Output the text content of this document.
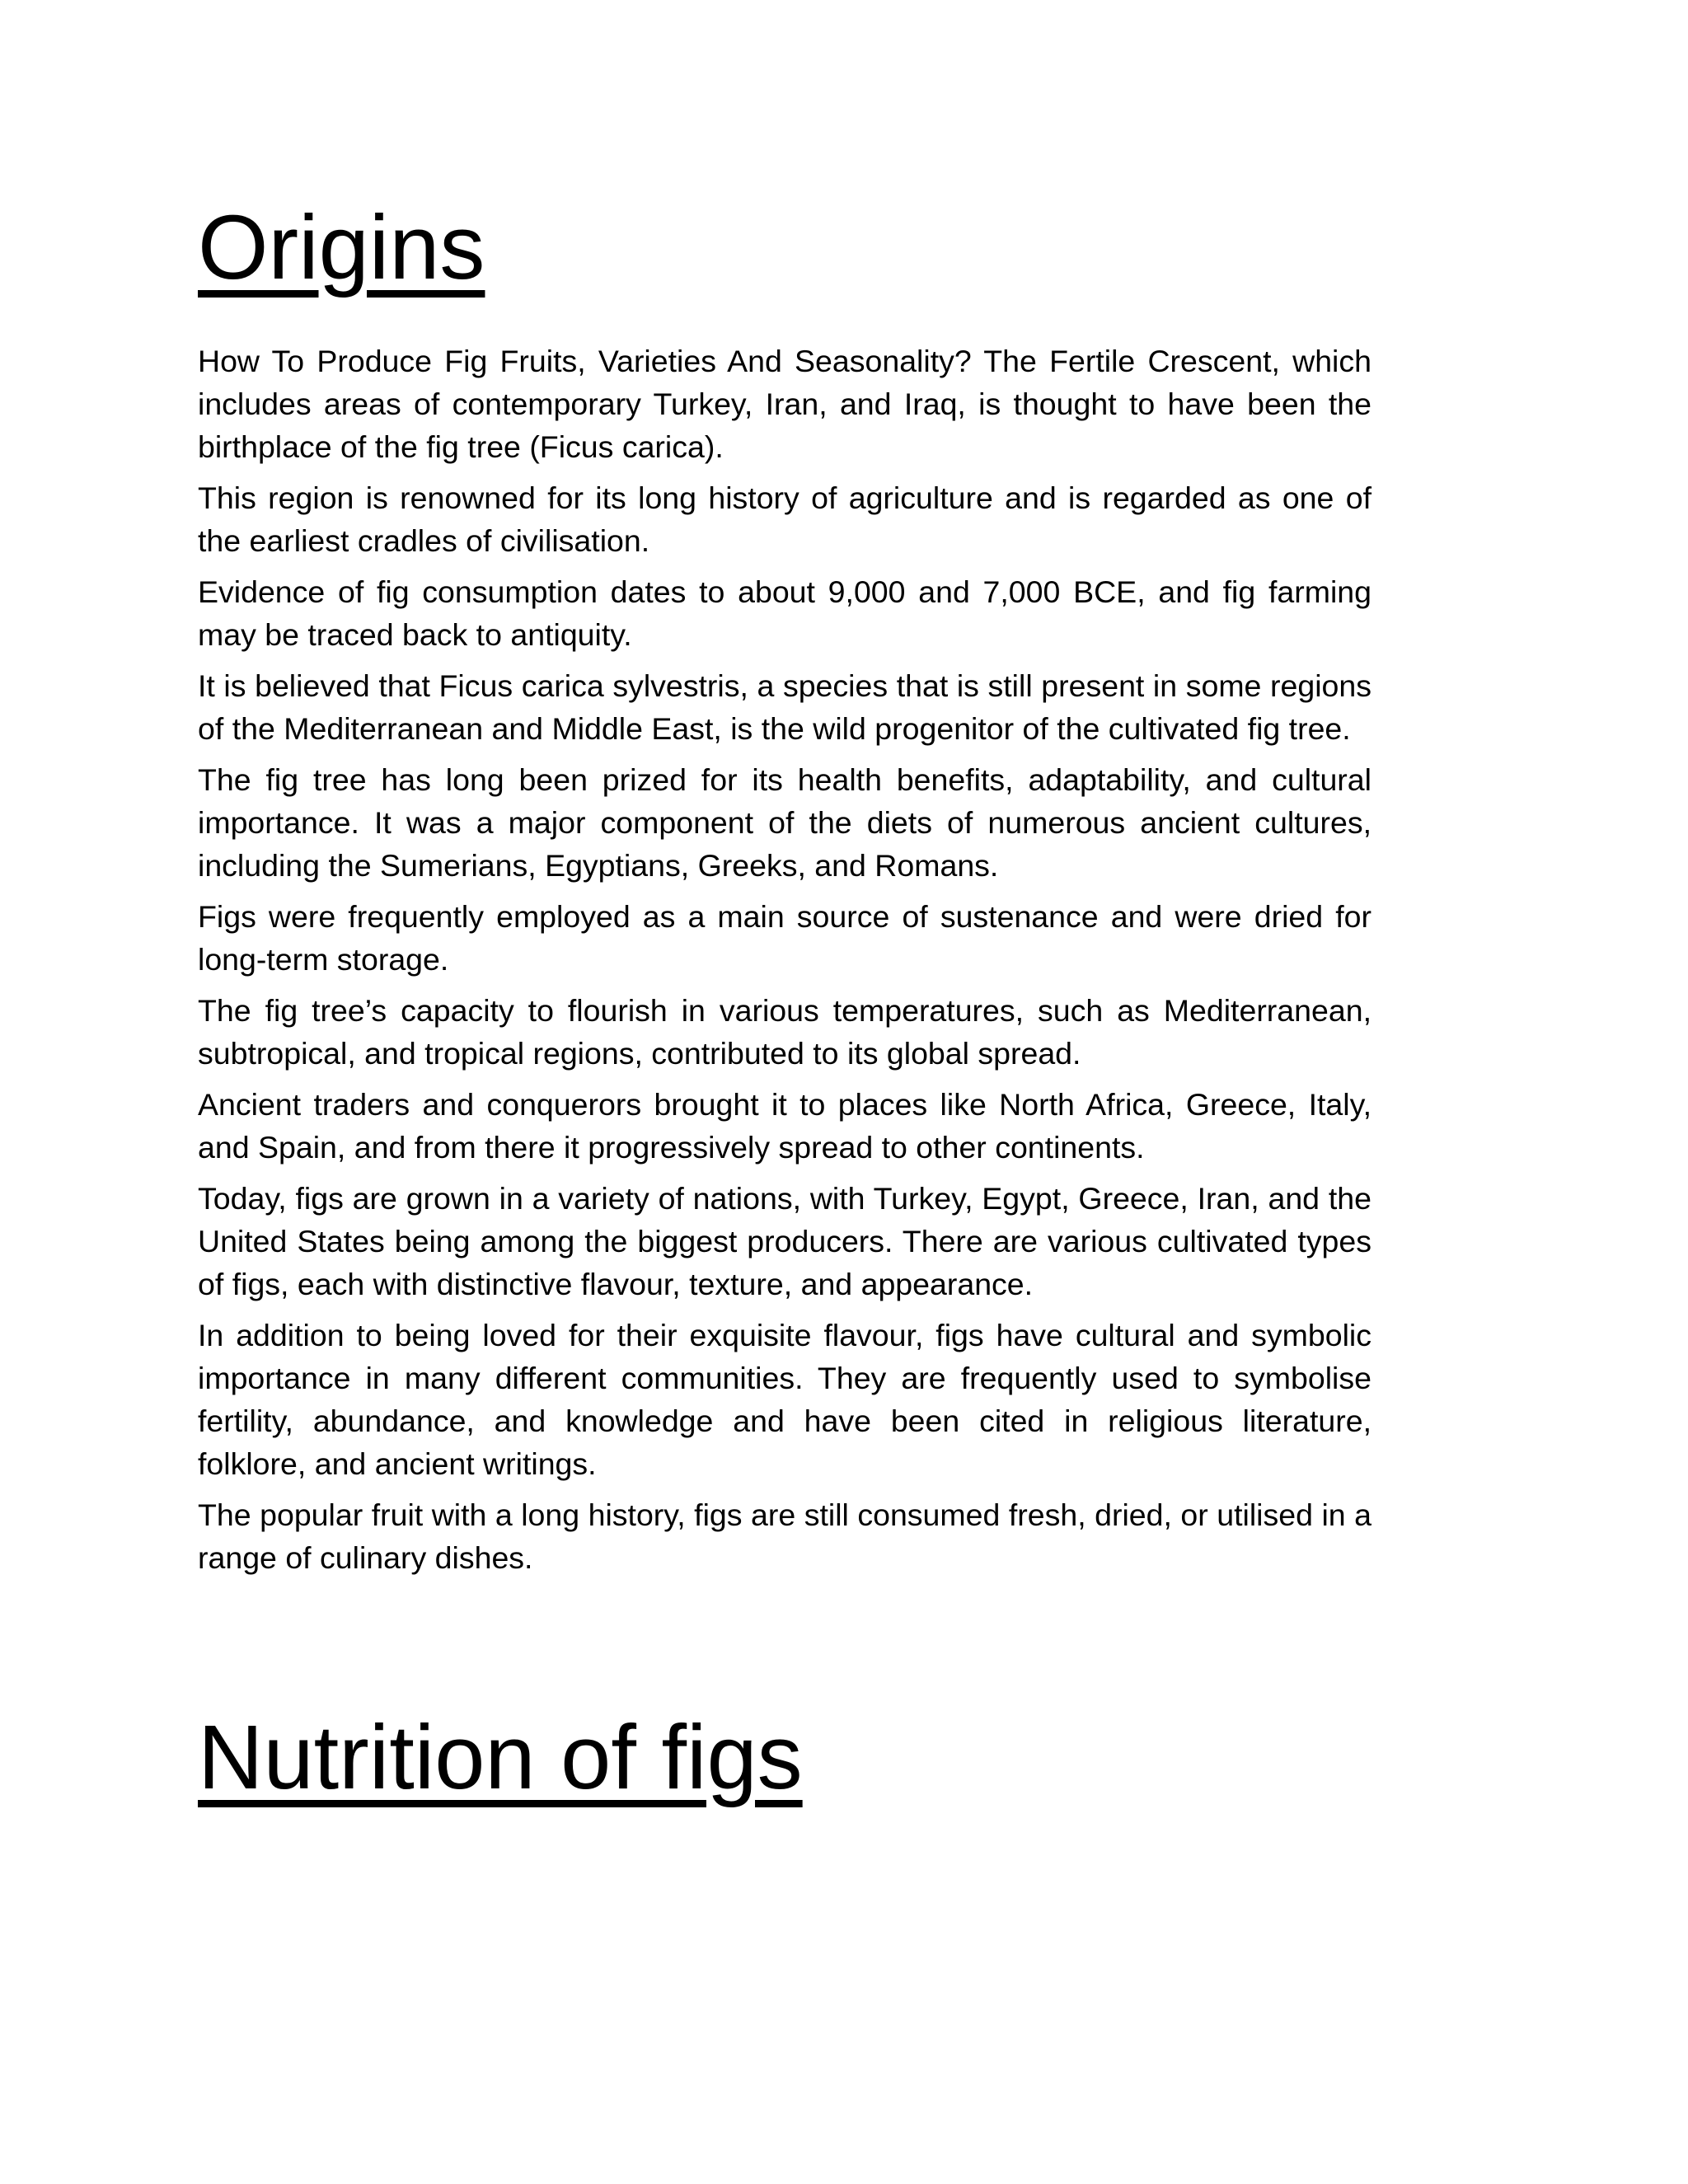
Origins

How To Produce Fig Fruits, Varieties And Seasonality? The Fertile Crescent, which includes areas of contemporary Turkey, Iran, and Iraq, is thought to have been the birthplace of the fig tree (Ficus carica).

This region is renowned for its long history of agriculture and is regarded as one of the earliest cradles of civilisation.

Evidence of fig consumption dates to about 9,000 and 7,000 BCE, and fig farming may be traced back to antiquity.

It is believed that Ficus carica sylvestris, a species that is still present in some regions of the Mediterranean and Middle East, is the wild progenitor of the cultivated fig tree.

The fig tree has long been prized for its health benefits, adaptability, and cultural importance. It was a major component of the diets of numerous ancient cultures, including the Sumerians, Egyptians, Greeks, and Romans.

Figs were frequently employed as a main source of sustenance and were dried for long-term storage.

The fig tree’s capacity to flourish in various temperatures, such as Mediterranean, subtropical, and tropical regions, contributed to its global spread.

Ancient traders and conquerors brought it to places like North Africa, Greece, Italy, and Spain, and from there it progressively spread to other continents.

Today, figs are grown in a variety of nations, with Turkey, Egypt, Greece, Iran, and the United States being among the biggest producers. There are various cultivated types of figs, each with distinctive flavour, texture, and appearance.

In addition to being loved for their exquisite flavour, figs have cultural and symbolic importance in many different communities. They are frequently used to symbolise fertility, abundance, and knowledge and have been cited in religious literature, folklore, and ancient writings.

The popular fruit with a long history, figs are still consumed fresh, dried, or utilised in a range of culinary dishes.

Nutrition of figs
